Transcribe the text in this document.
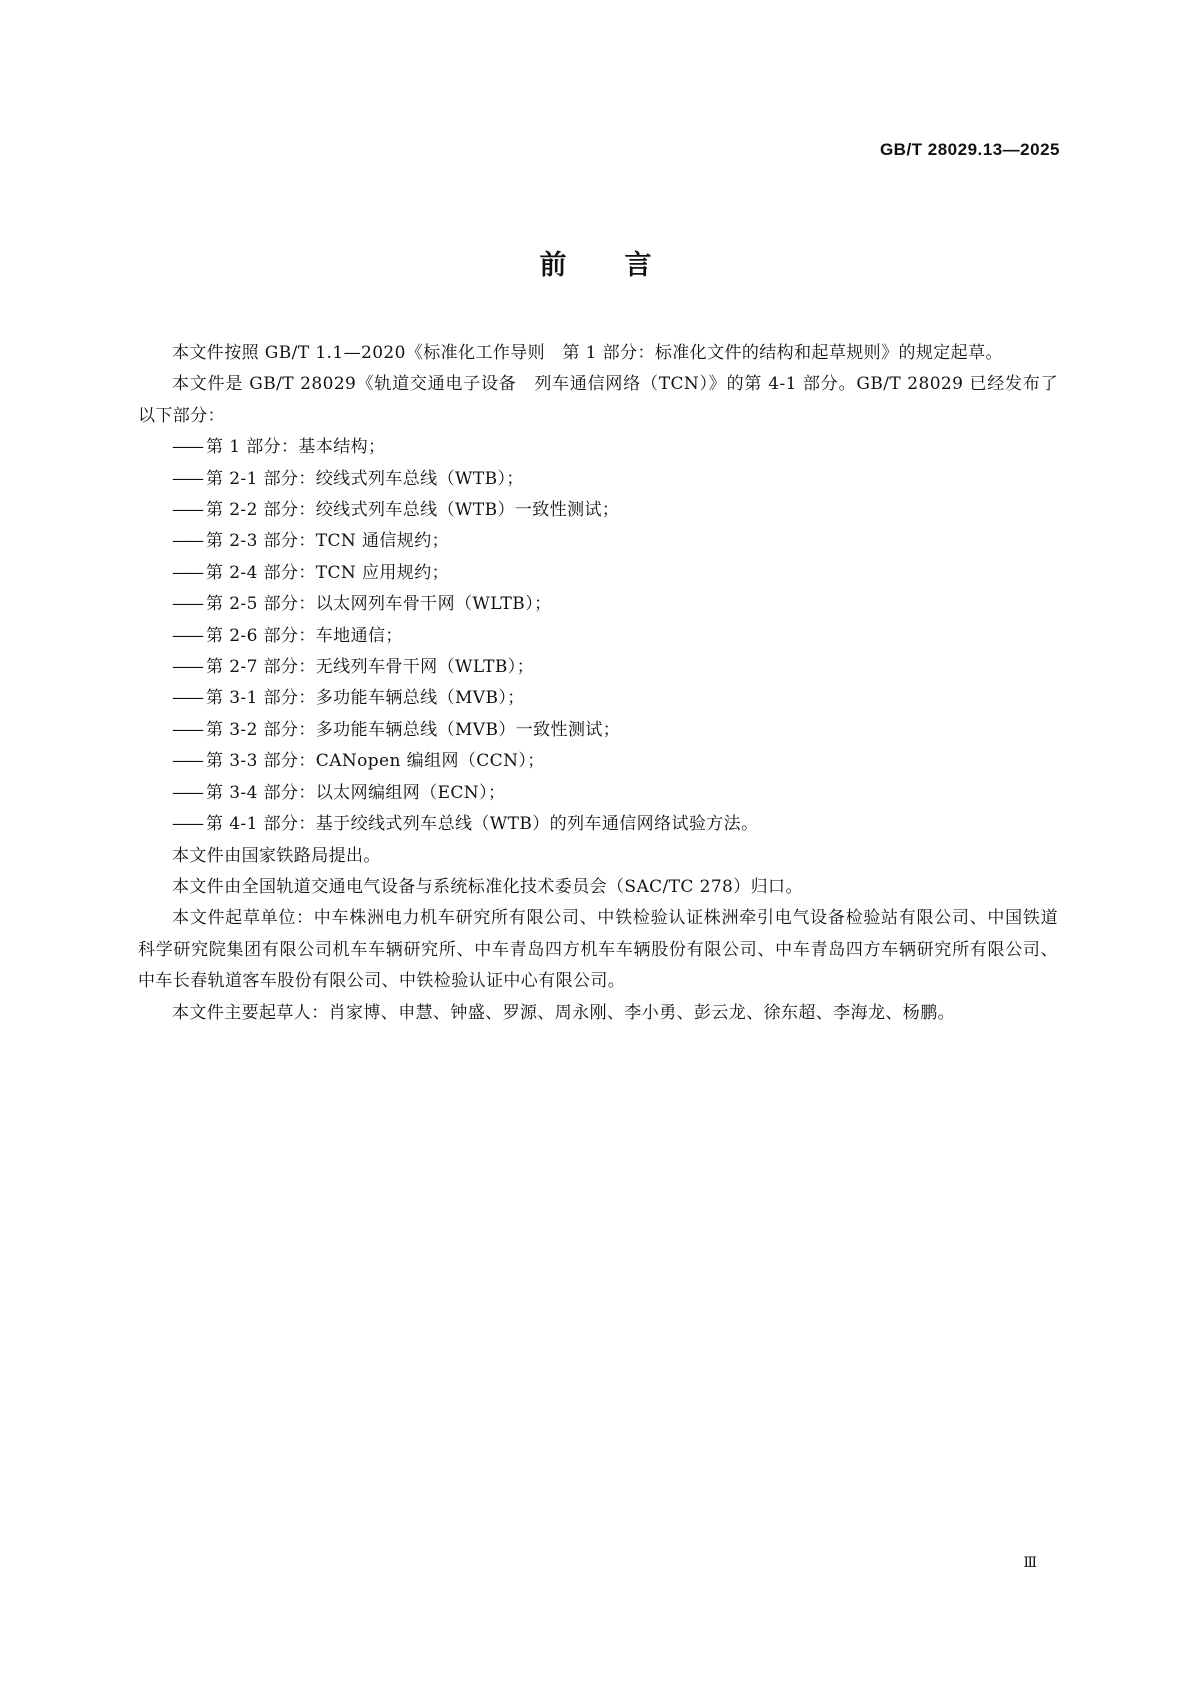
GB/T 28029.13—2025
前言

本文件按照 GB/T 1.1—2020《标准化工作导则　第 1 部分：标准化文件的结构和起草规则》的规定起草。

本文件是 GB/T 28029《轨道交通电子设备　列车通信网络（TCN）》的第 4-1 部分。GB/T 28029 已经发布了以下部分：

—— 第 1 部分：基本结构；
—— 第 2-1 部分：绞线式列车总线（WTB）；
—— 第 2-2 部分：绞线式列车总线（WTB）一致性测试；
—— 第 2-3 部分：TCN 通信规约；
—— 第 2-4 部分：TCN 应用规约；
—— 第 2-5 部分：以太网列车骨干网（WLTB）；
—— 第 2-6 部分：车地通信；
—— 第 2-7 部分：无线列车骨干网（WLTB）；
—— 第 3-1 部分：多功能车辆总线（MVB）；
—— 第 3-2 部分：多功能车辆总线（MVB）一致性测试；
—— 第 3-3 部分：CANopen 编组网（CCN）；
—— 第 3-4 部分：以太网编组网（ECN）；
—— 第 4-1 部分：基于绞线式列车总线（WTB）的列车通信网络试验方法。

本文件由国家铁路局提出。

本文件由全国轨道交通电气设备与系统标准化技术委员会（SAC/TC 278）归口。

本文件起草单位：中车株洲电力机车研究所有限公司、中铁检验认证株洲牵引电气设备检验站有限公司、中国铁道科学研究院集团有限公司机车车辆研究所、中车青岛四方机车车辆股份有限公司、中车青岛四方车辆研究所有限公司、中车长春轨道客车股份有限公司、中铁检验认证中心有限公司。

本文件主要起草人：肖家博、申慧、钟盛、罗源、周永刚、李小勇、彭云龙、徐东超、李海龙、杨鹏。

Ⅲ
